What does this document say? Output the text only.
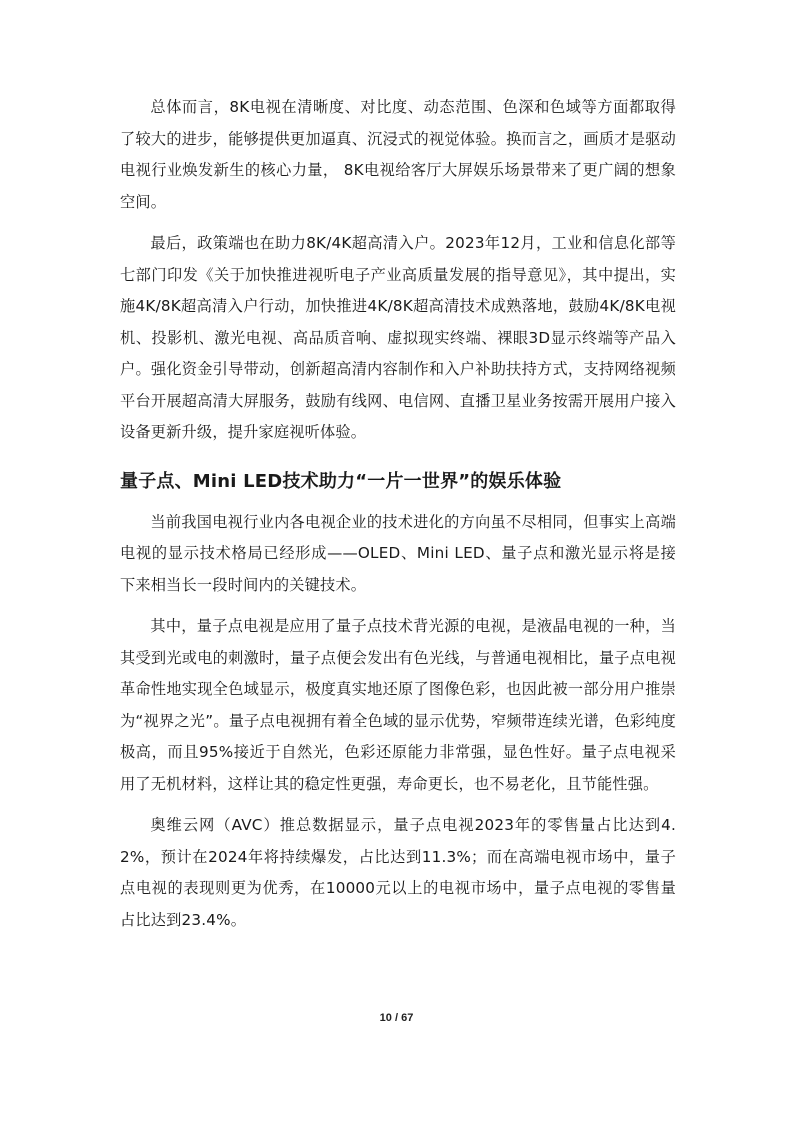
总体而言，8K电视在清晰度、对比度、动态范围、色深和色域等方面都取得了较大的进步，能够提供更加逼真、沉浸式的视觉体验。换而言之，画质才是驱动电视行业焕发新生的核心力量， 8K电视给客厅大屏娱乐场景带来了更广阔的想象空间。

最后，政策端也在助力8K/4K超高清入户。2023年12月，工业和信息化部等七部门印发《关于加快推进视听电子产业高质量发展的指导意见》，其中提出，实施4K/8K超高清入户行动，加快推进4K/8K超高清技术成熟落地，鼓励4K/8K电视机、投影机、激光电视、高品质音响、虚拟现实终端、裸眼3D显示终端等产品入户。强化资金引导带动，创新超高清内容制作和入户补助扶持方式，支持网络视频平台开展超高清大屏服务，鼓励有线网、电信网、直播卫星业务按需开展用户接入设备更新升级，提升家庭视听体验。

量子点、Mini LED技术助力“一片一世界”的娱乐体验

当前我国电视行业内各电视企业的技术进化的方向虽不尽相同，但事实上高端电视的显示技术格局已经形成——OLED、Mini LED、量子点和激光显示将是接下来相当长一段时间内的关键技术。

其中，量子点电视是应用了量子点技术背光源的电视，是液晶电视的一种，当其受到光或电的刺激时，量子点便会发出有色光线，与普通电视相比，量子点电视革命性地实现全色域显示，极度真实地还原了图像色彩，也因此被一部分用户推崇为“视界之光”。量子点电视拥有着全色域的显示优势，窄频带连续光谱，色彩纯度极高，而且95%接近于自然光，色彩还原能力非常强，显色性好。量子点电视采用了无机材料，这样让其的稳定性更强，寿命更长，也不易老化，且节能性强。

奥维云网（AVC）推总数据显示，量子点电视2023年的零售量占比达到4.2%，预计在2024年将持续爆发，占比达到11.3%；而在高端电视市场中，量子点电视的表现则更为优秀，在10000元以上的电视市场中，量子点电视的零售量占比达到23.4%。

10 / 67
